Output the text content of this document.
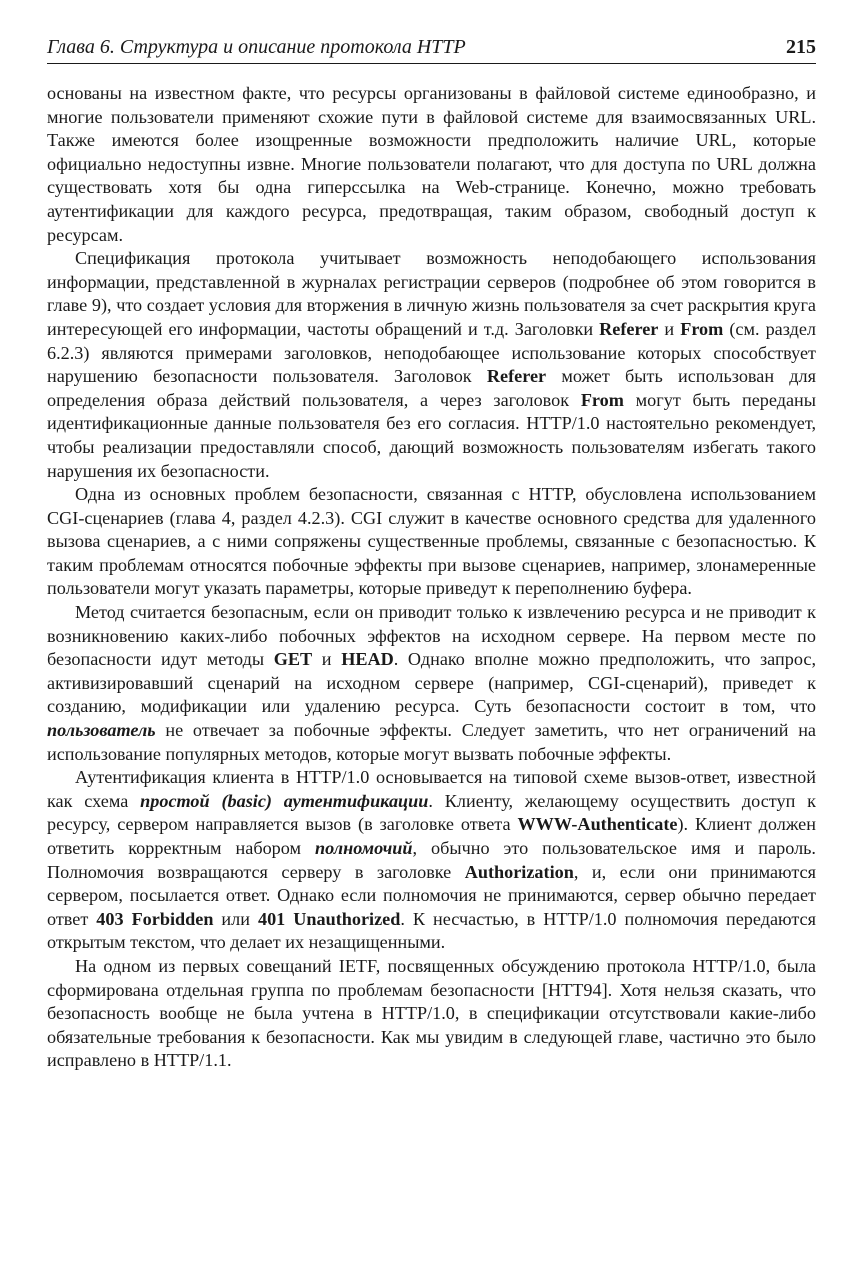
Глава 6. Структура и описание протокола HTTP	215

основаны на известном факте, что ресурсы организованы в файловой системе единообразно, и многие пользователи применяют схожие пути в файловой системе для взаимосвязанных URL. Также имеются более изощренные возможности предположить наличие URL, которые официально недоступны извне. Многие пользователи полагают, что для доступа по URL должна существовать хотя бы одна гиперссылка на Web-странице. Конечно, можно требовать аутентификации для каждого ресурса, предотвращая, таким образом, свободный доступ к ресурсам.

Спецификация протокола учитывает возможность неподобающего использования информации, представленной в журналах регистрации серверов (подробнее об этом говорится в главе 9), что создает условия для вторжения в личную жизнь пользователя за счет раскрытия круга интересующей его информации, частоты обращений и т.д. Заголовки Referer и From (см. раздел 6.2.3) являются примерами заголовков, неподобающее использование которых способствует нарушению безопасности пользователя. Заголовок Referer может быть использован для определения образа действий пользователя, а через заголовок From могут быть переданы идентификационные данные пользователя без его согласия. HTTP/1.0 настоятельно рекомендует, чтобы реализации предоставляли способ, дающий возможность пользователям избегать такого нарушения их безопасности.

Одна из основных проблем безопасности, связанная с HTTP, обусловлена использованием CGI-сценариев (глава 4, раздел 4.2.3). CGI служит в качестве основного средства для удаленного вызова сценариев, а с ними сопряжены существенные проблемы, связанные с безопасностью. К таким проблемам относятся побочные эффекты при вызове сценариев, например, злонамеренные пользователи могут указать параметры, которые приведут к переполнению буфера.

Метод считается безопасным, если он приводит только к извлечению ресурса и не приводит к возникновению каких-либо побочных эффектов на исходном сервере. На первом месте по безопасности идут методы GET и HEAD. Однако вполне можно предположить, что запрос, активизировавший сценарий на исходном сервере (например, CGI-сценарий), приведет к созданию, модификации или удалению ресурса. Суть безопасности состоит в том, что пользователь не отвечает за побочные эффекты. Следует заметить, что нет ограничений на использование популярных методов, которые могут вызвать побочные эффекты.

Аутентификация клиента в HTTP/1.0 основывается на типовой схеме вызов-ответ, известной как схема простой (basic) аутентификации. Клиенту, желающему осуществить доступ к ресурсу, сервером направляется вызов (в заголовке ответа WWW-Authenticate). Клиент должен ответить корректным набором полномочий, обычно это пользовательское имя и пароль. Полномочия возвращаются серверу в заголовке Authorization, и, если они принимаются сервером, посылается ответ. Однако если полномочия не принимаются, сервер обычно передает ответ 403 Forbidden или 401 Unauthorized. К несчастью, в HTTP/1.0 полномочия передаются открытым текстом, что делает их незащищенными.

На одном из первых совещаний IETF, посвященных обсуждению протокола HTTP/1.0, была сформирована отдельная группа по проблемам безопасности [HTT94]. Хотя нельзя сказать, что безопасность вообще не была учтена в HTTP/1.0, в спецификации отсутствовали какие-либо обязательные требования к безопасности. Как мы увидим в следующей главе, частично это было исправлено в HTTP/1.1.
